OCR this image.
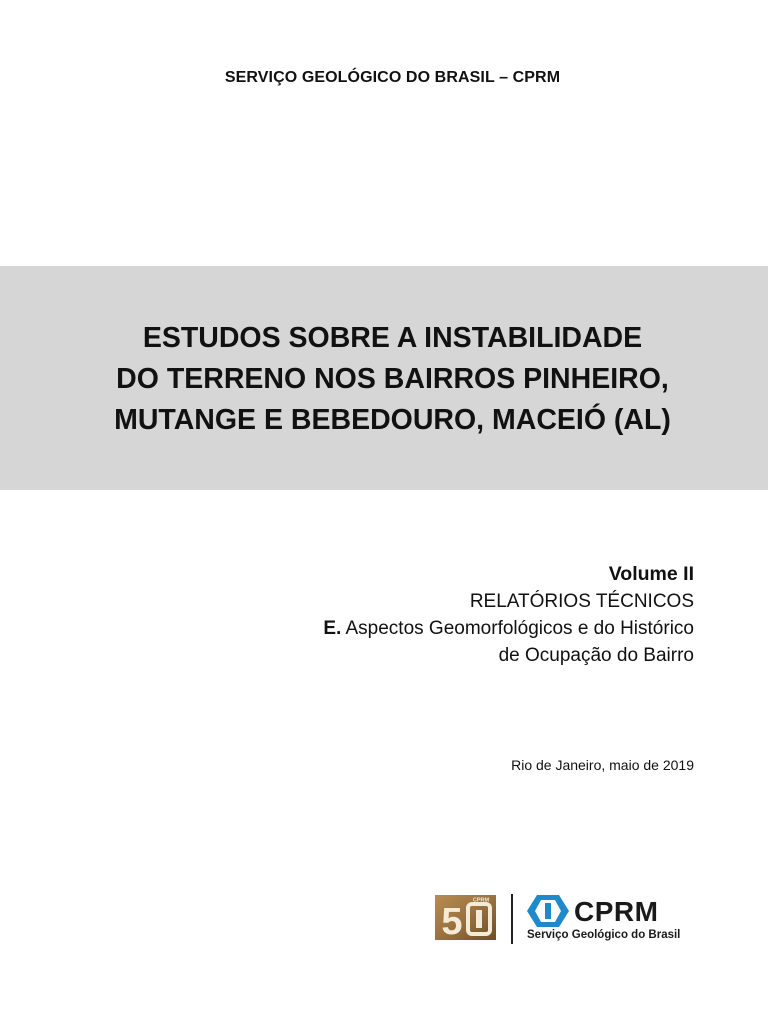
SERVIÇO GEOLÓGICO DO BRASIL – CPRM
ESTUDOS SOBRE A INSTABILIDADE
DO TERRENO NOS BAIRROS PINHEIRO,
MUTANGE E BEBEDOURO, MACEIÓ (AL)
Volume II
RELATÓRIOS TÉCNICOS
E. Aspectos Geomorfológicos e do Histórico
de Ocupação do Bairro
Rio de Janeiro, maio de 2019
5
CPRM	CPRM
Serviço Geológico do Brasil
